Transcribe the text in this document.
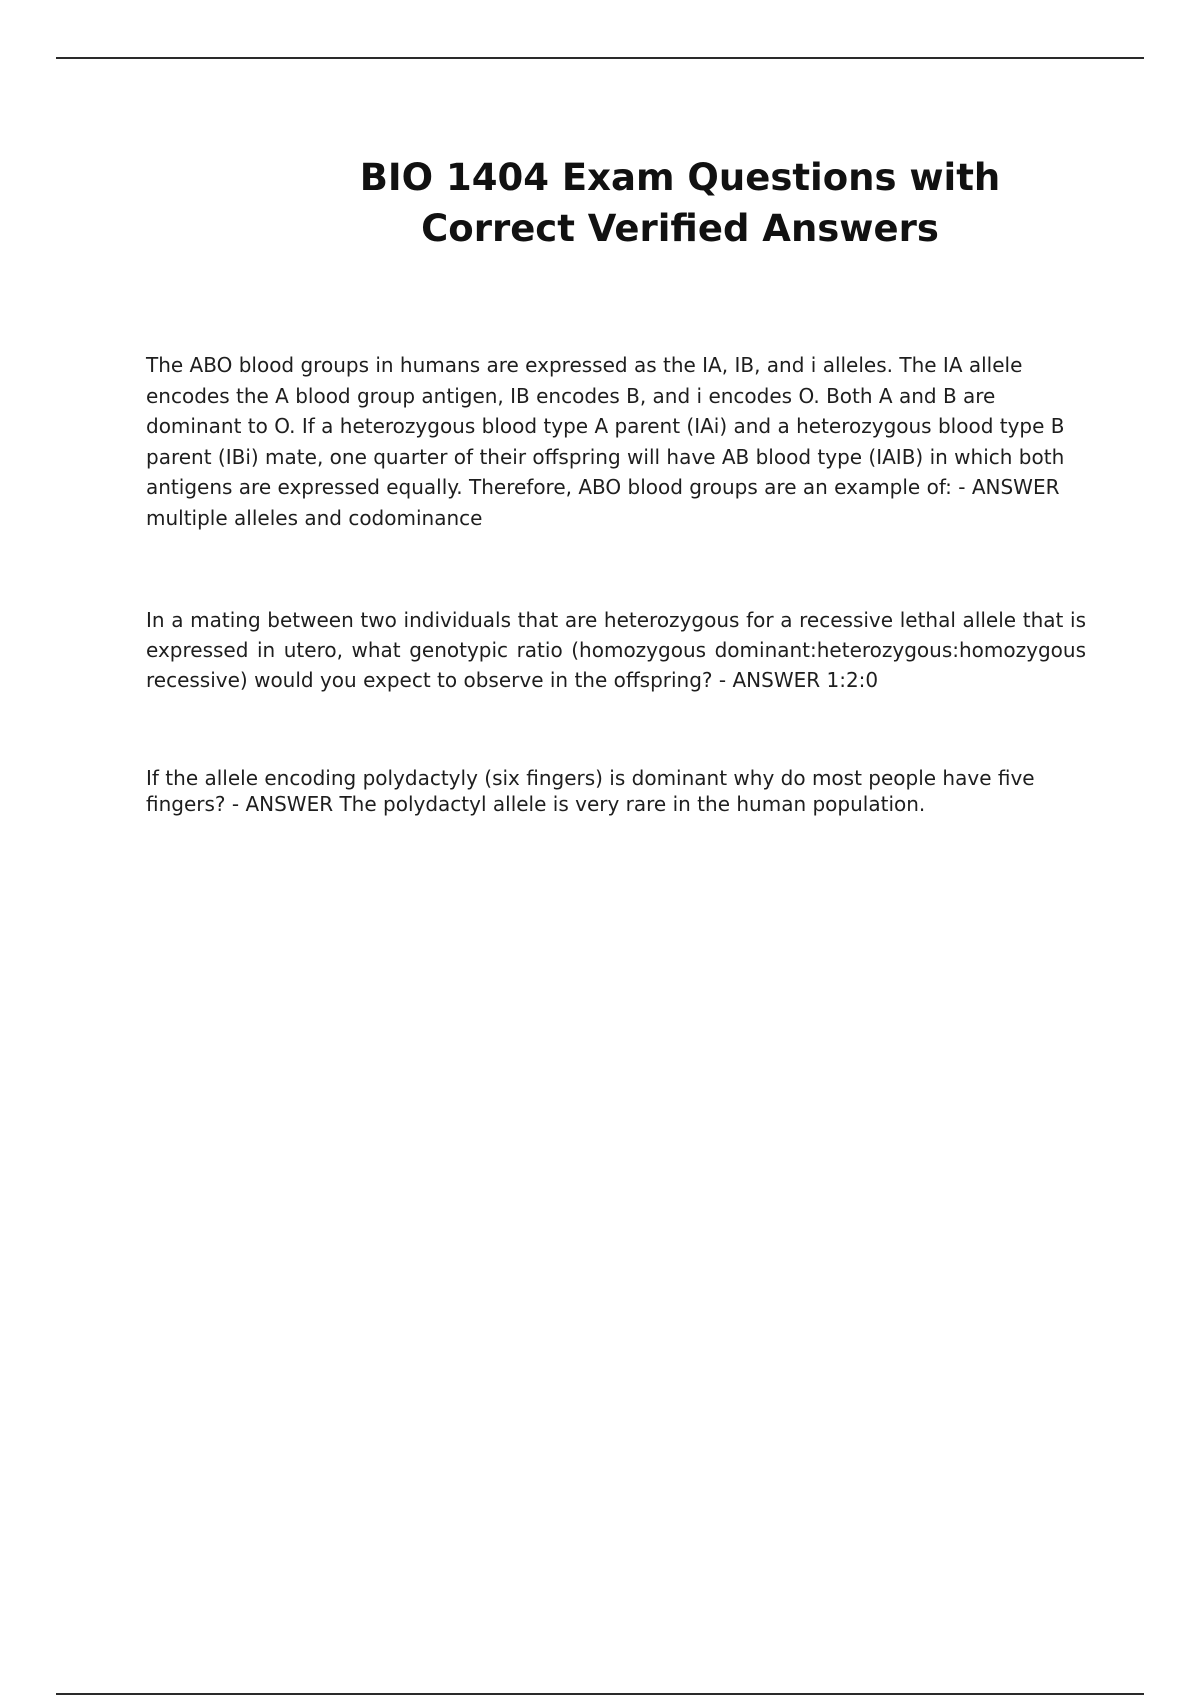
BIO 1404 Exam Questions with Correct Verified Answers

The ABO blood groups in humans are expressed as the IA, IB, and i alleles. The IA allele encodes the A blood group antigen, IB encodes B, and i encodes O. Both A and B are dominant to O. If a heterozygous blood type A parent (IAi) and a heterozygous blood type B parent (IBi) mate, one quarter of their offspring will have AB blood type (IAIB) in which both antigens are expressed equally. Therefore, ABO blood groups are an example of: - ANSWER multiple alleles and codominance

In a mating between two individuals that are heterozygous for a recessive lethal allele that is expressed in utero, what genotypic ratio (homozygous dominant:heterozygous:homozygous recessive) would you expect to observe in the offspring? - ANSWER 1:2:0

If the allele encoding polydactyly (six fingers) is dominant why do most people have five fingers? - ANSWER The polydactyl allele is very rare in the human population.
